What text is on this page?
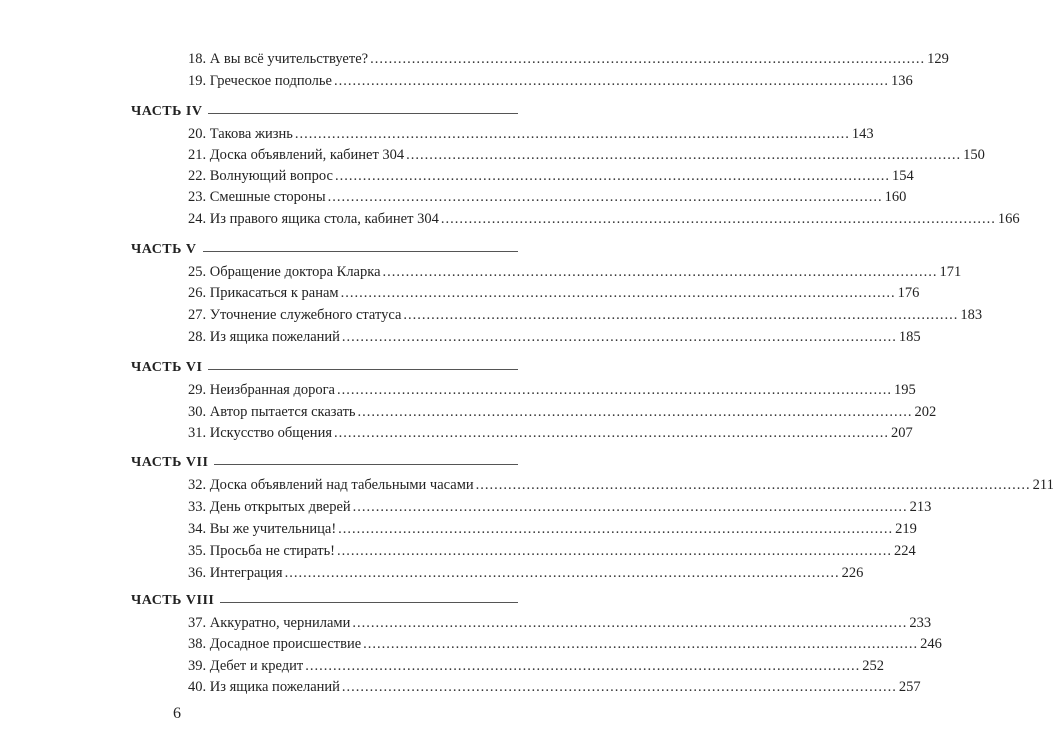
18. А вы всё учительствуете? ........................................................................................................................ 129
19. Греческое подполье ........................................................................................................................ 136
ЧАСТЬ IV
20. Такова жизнь ........................................................................................................................ 143
21. Доска объявлений, кабинет 304 ........................................................................................................................ 150
22. Волнующий вопрос ........................................................................................................................ 154
23. Смешные стороны ........................................................................................................................ 160
24. Из правого ящика стола, кабинет 304 ........................................................................................................................ 166
ЧАСТЬ V
25. Обращение доктора Кларка ........................................................................................................................ 171
26. Прикасаться к ранам ........................................................................................................................ 176
27. Уточнение служебного статуса ........................................................................................................................ 183
28. Из ящика пожеланий ........................................................................................................................ 185
ЧАСТЬ VI
29. Неизбранная дорога ........................................................................................................................ 195
30. Автор пытается сказать ........................................................................................................................ 202
31. Искусство общения ........................................................................................................................ 207
ЧАСТЬ VII
32. Доска объявлений над табельными часами ........................................................................................................................ 211
33. День открытых дверей ........................................................................................................................ 213
34. Вы же учительница! ........................................................................................................................ 219
35. Просьба не стирать! ........................................................................................................................ 224
36. Интеграция ........................................................................................................................ 226
ЧАСТЬ VIII
37. Аккуратно, чернилами ........................................................................................................................ 233
38. Досадное происшествие ........................................................................................................................ 246
39. Дебет и кредит ........................................................................................................................ 252
40. Из ящика пожеланий ........................................................................................................................ 257
6
